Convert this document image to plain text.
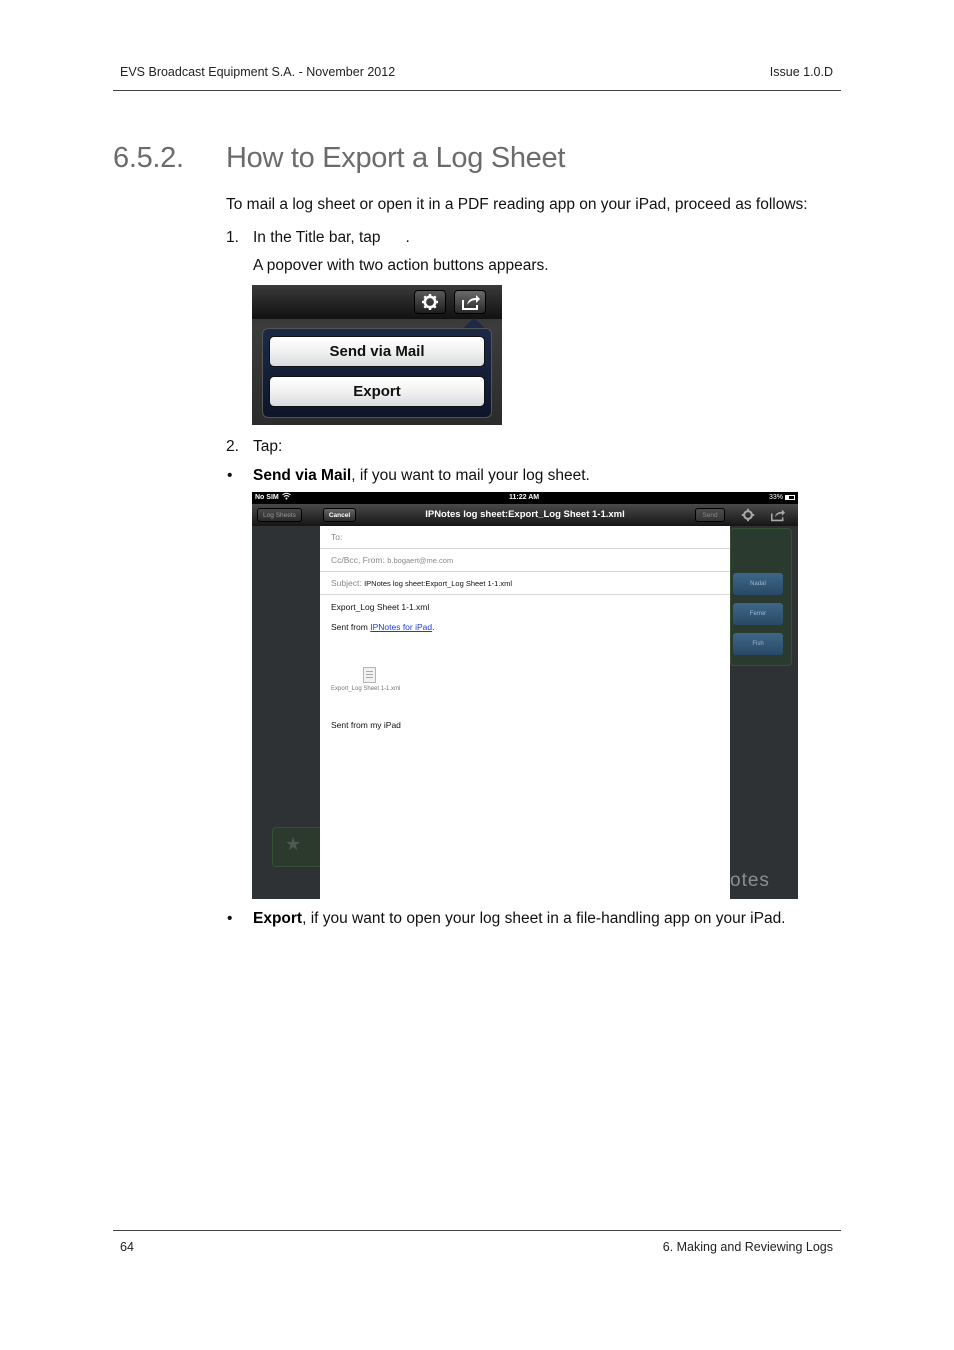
EVS Broadcast Equipment S.A. - November 2012	Issue 1.0.D
6.5.2. How to Export a Log Sheet
To mail a log sheet or open it in a PDF reading app on your iPad, proceed as follows:
1. In the Title bar, tap .
A popover with two action buttons appears.
Send via Mail
Export
2. Tap:
• Send via Mail, if you want to mail your log sheet.
No SIM	11:22 AM	33%
Log Sheets	Cancel	IPNotes log sheet:Export_Log Sheet 1-1.xml	Send
Nadal
Ferrer
Fish
★
otes
To:
Cc/Bcc, From: b.bogaert@me.com
Subject: IPNotes log sheet:Export_Log Sheet 1-1.xml
Export_Log Sheet 1-1.xml
Sent from IPNotes for iPad.
Export_Log Sheet 1-1.xml
Sent from my iPad
• Export, if you want to open your log sheet in a file-handling app on your iPad.
64	6. Making and Reviewing Logs
